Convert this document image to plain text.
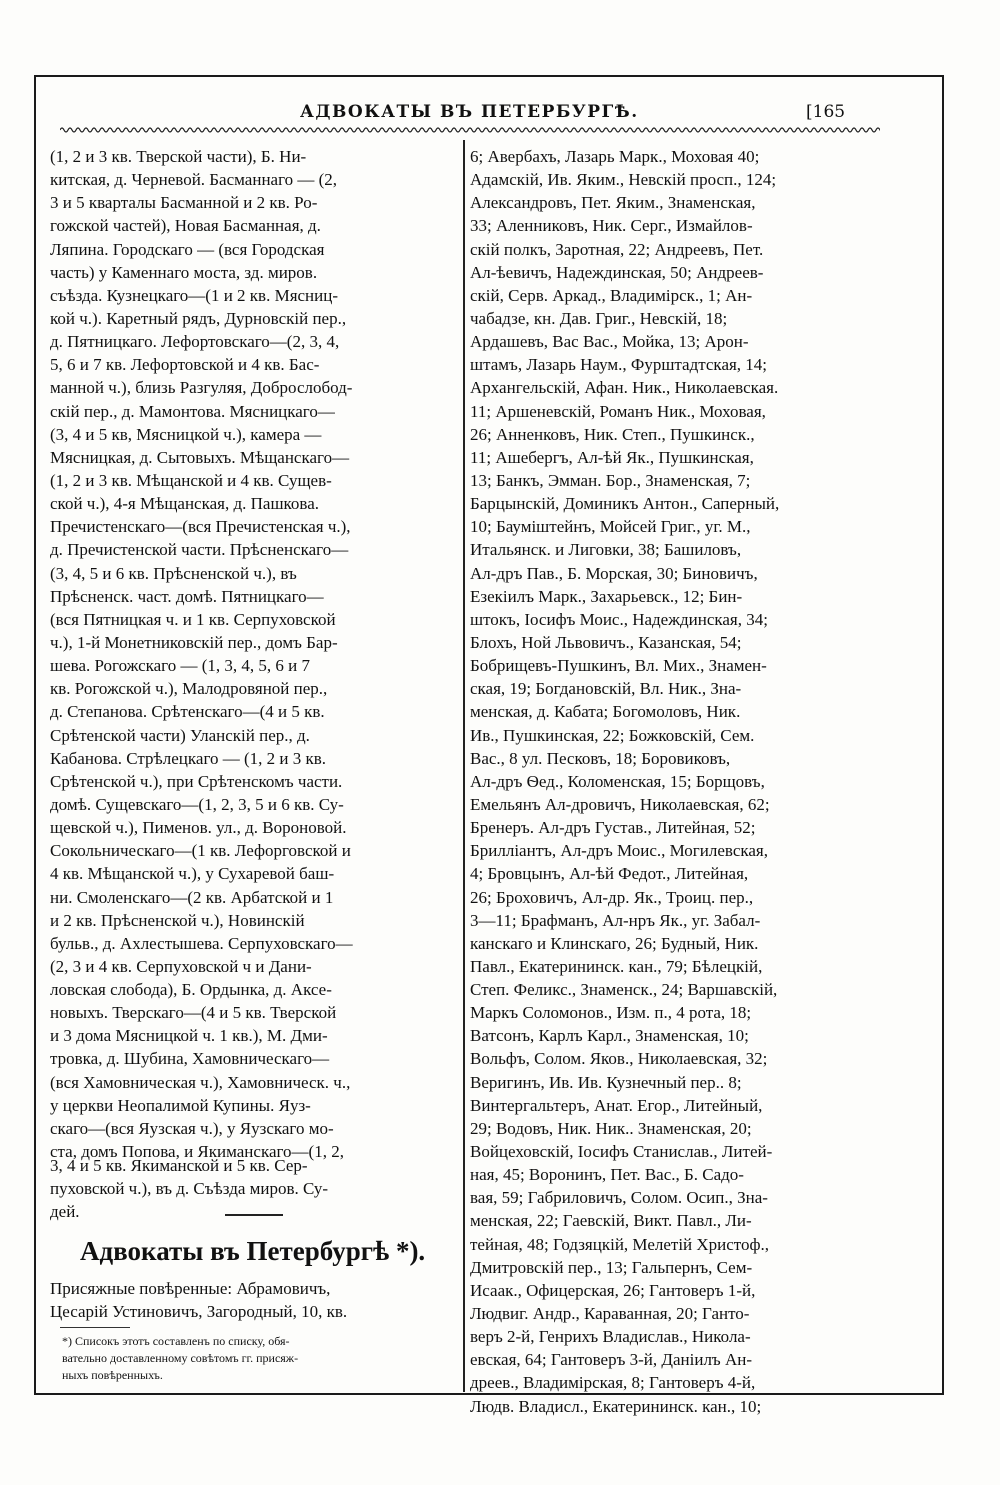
АДВОКАТЫ ВЪ ПЕТЕРБУРГѢ.	[165
(1, 2 и 3 кв. Тверской части), Б. Ни-
китская, д. Черневой. Басманнаго — (2,
3 и 5 кварталы Басманной и 2 кв. Ро-
гожской частей), Новая Басманная, д.
Ляпина. Городскаго — (вся Городская
часть) у Каменнаго моста, зд. миров.
съѣзда. Кузнецкаго—(1 и 2 кв. Мясниц-
кой ч.). Каретный рядъ, Дурновскій пер.,
д. Пятницкаго. Лефортовскаго—(2, 3, 4,
5, 6 и 7 кв. Лефортовской и 4 кв. Бас-
манной ч.), близь Разгуляя, Доброслобод-
скій пер., д. Мамонтова. Мясницкаго—
(3, 4 и 5 кв, Мясницкой ч.), камера —
Мясницкая, д. Сытовыхъ. Мѣщанскаго—
(1, 2 и 3 кв. Мѣщанской и 4 кв. Сущев-
ской ч.), 4-я Мѣщанская, д. Пашкова.
Пречистенскаго—(вся Пречистенская ч.),
д. Пречистенской части. Прѣсненскаго—
(3, 4, 5 и 6 кв. Прѣсненской ч.), въ
Прѣсненск. част. домѣ. Пятницкаго—
(вся Пятницкая ч. и 1 кв. Серпуховской
ч.), 1-й Монетниковскій пер., домъ Бар-
шева. Рогожскаго — (1, 3, 4, 5, 6 и 7
кв. Рогожской ч.), Малодровяной пер.,
д. Степанова. Срѣтенскаго—(4 и 5 кв.
Срѣтенской части) Уланскій пер., д.
Кабанова. Стрѣлецкаго — (1, 2 и 3 кв.
Срѣтенской ч.), при Срѣтенскомъ части.
домѣ. Сущевскаго—(1, 2, 3, 5 и 6 кв. Су-
щевской ч.), Пименов. ул., д. Вороновой.
Сокольническаго—(1 кв. Лефорговской и
4 кв. Мѣщанской ч.), у Сухаревой баш-
ни. Смоленскаго—(2 кв. Арбатской и 1
и 2 кв. Прѣсненской ч.), Новинскій
бульв., д. Ахлестышева. Серпуховскаго—
(2, 3 и 4 кв. Серпуховской ч и Дани-
ловская слобода), Б. Ордынка, д. Аксе-
новыхъ. Тверскаго—(4 и 5 кв. Тверской
и 3 дома Мясницкой ч. 1 кв.), М. Дми-
тровка, д. Шубина, Хамовническаго—
(вся Хамовническая ч.), Хамовническ. ч.,
у церкви Неопалимой Купины. Яуз-
скаго—(вся Яузская ч.), у Яузскаго мо-
ста, домъ Попова, и Якиманскаго—(1, 2,
6; Авербахъ, Лазарь Марк., Моховая 40;
Адамскій, Ив. Яким., Невскій просп., 124;
Александровъ, Пет. Яким., Знаменская,
33; Аленниковъ, Ник. Серг., Измайлов-
скій полкъ, Заротная, 22; Андреевъ, Пет.
Ал-ѣевичъ, Надеждинская, 50; Андреев-
скій, Серв. Аркад., Владимірск., 1; Ан-
чабадзе, кн. Дав. Григ., Невскій, 18;
Ардашевъ, Вас Вас., Мойка, 13; Арон-
штамъ, Лазарь Наум., Фурштадтская, 14;
Архангельскій, Афан. Ник., Николаевская.
11; Аршеневскій, Романъ Ник., Моховая,
26; Анненковъ, Ник. Степ., Пушкинск.,
11; Ашебергъ, Ал-ѣй Як., Пушкинская,
13; Банкъ, Эмман. Бор., Знаменская, 7;
Барцынскій, Доминикъ Антон., Саперный,
10; Бауміштейнъ, Мойсей Григ., уг. М.,
Итальянск. и Лиговки, 38; Башиловъ,
Ал-дръ Пав., Б. Морская, 30; Биновичъ,
Езекіилъ Марк., Захарьевск., 12; Бин-
штокъ, Іосифъ Моис., Надеждинская, 34;
Блохъ, Ной Львовичъ., Казанская, 54;
Бобрищевъ-Пушкинъ, Вл. Мих., Знамен-
ская, 19; Богдановскій, Вл. Ник., Зна-
менская, д. Кабата; Богомоловъ, Ник.
Ив., Пушкинская, 22; Божковскій, Сем.
Вас., 8 ул. Песковъ, 18; Боровиковъ,
Ал-дръ Ѳед., Коломенская, 15; Борщовъ,
Емельянъ Ал-дровичъ, Николаевская, 62;
Бренеръ. Ал-дръ Густав., Литейная, 52;
Бриллiантъ, Ал-дръ Моис., Могилевская,
4; Бровцынъ, Ал-ѣй Федот., Литейная,
26; Броховичъ, Ал-др. Як., Троиц. пер.,
3—11; Брафманъ, Ал-нръ Як., уг. Забал-
канскаго и Клинскаго, 26; Будный, Ник.
Павл., Екатерининск. кан., 79; Бѣлецкій,
Степ. Феликс., Знаменск., 24; Варшавскій,
Маркъ Соломонов., Изм. п., 4 рота, 18;
Ватсонъ, Карлъ Карл., Знаменская, 10;
Вольфъ, Солом. Яков., Николаевская, 32;
Веригинъ, Ив. Ив. Кузнечный пер.. 8;
Винтергальтеръ, Анат. Егор., Литейный,
29; Водовъ, Ник. Ник.. Знаменская, 20;
Войцеховскій, Іосифъ Станислав., Литей-
ная, 45; Воронинъ, Пет. Вас., Б. Садо-
вая, 59; Габриловичъ, Солом. Осип., Зна-
менская, 22; Гаевскій, Викт. Павл., Ли-
тейная, 48; Годзяцкій, Мелетій Христоф.,
Дмитровскій пер., 13; Гальпернъ, Сем-
Исаак., Офицерская, 26; Гантоверъ 1-й,
Людвиг. Андр., Караванная, 20; Ганто-
веръ 2-й, Генрихъ Владислав., Никола-
евская, 64; Гантоверъ 3-й, Даніилъ Ан-
дреев., Владимірская, 8; Гантоверъ 4-й,
Людв. Владисл., Екатерининск. кан., 10;
Адвокаты въ Петербургѣ *).
3, 4 и 5 кв. Якиманской и 5 кв. Сер-
пуховской ч.), въ д. Съѣзда миров. Су-
дей.
Присяжные повѣренные: Абрамовичъ,
Цесарій Устиновичъ, Загородный, 10, кв.
*) Списокъ этотъ составленъ по списку, обя-
вательно доставленному совѣтомъ гг. присяж-
ныхъ повѣренныхъ.
